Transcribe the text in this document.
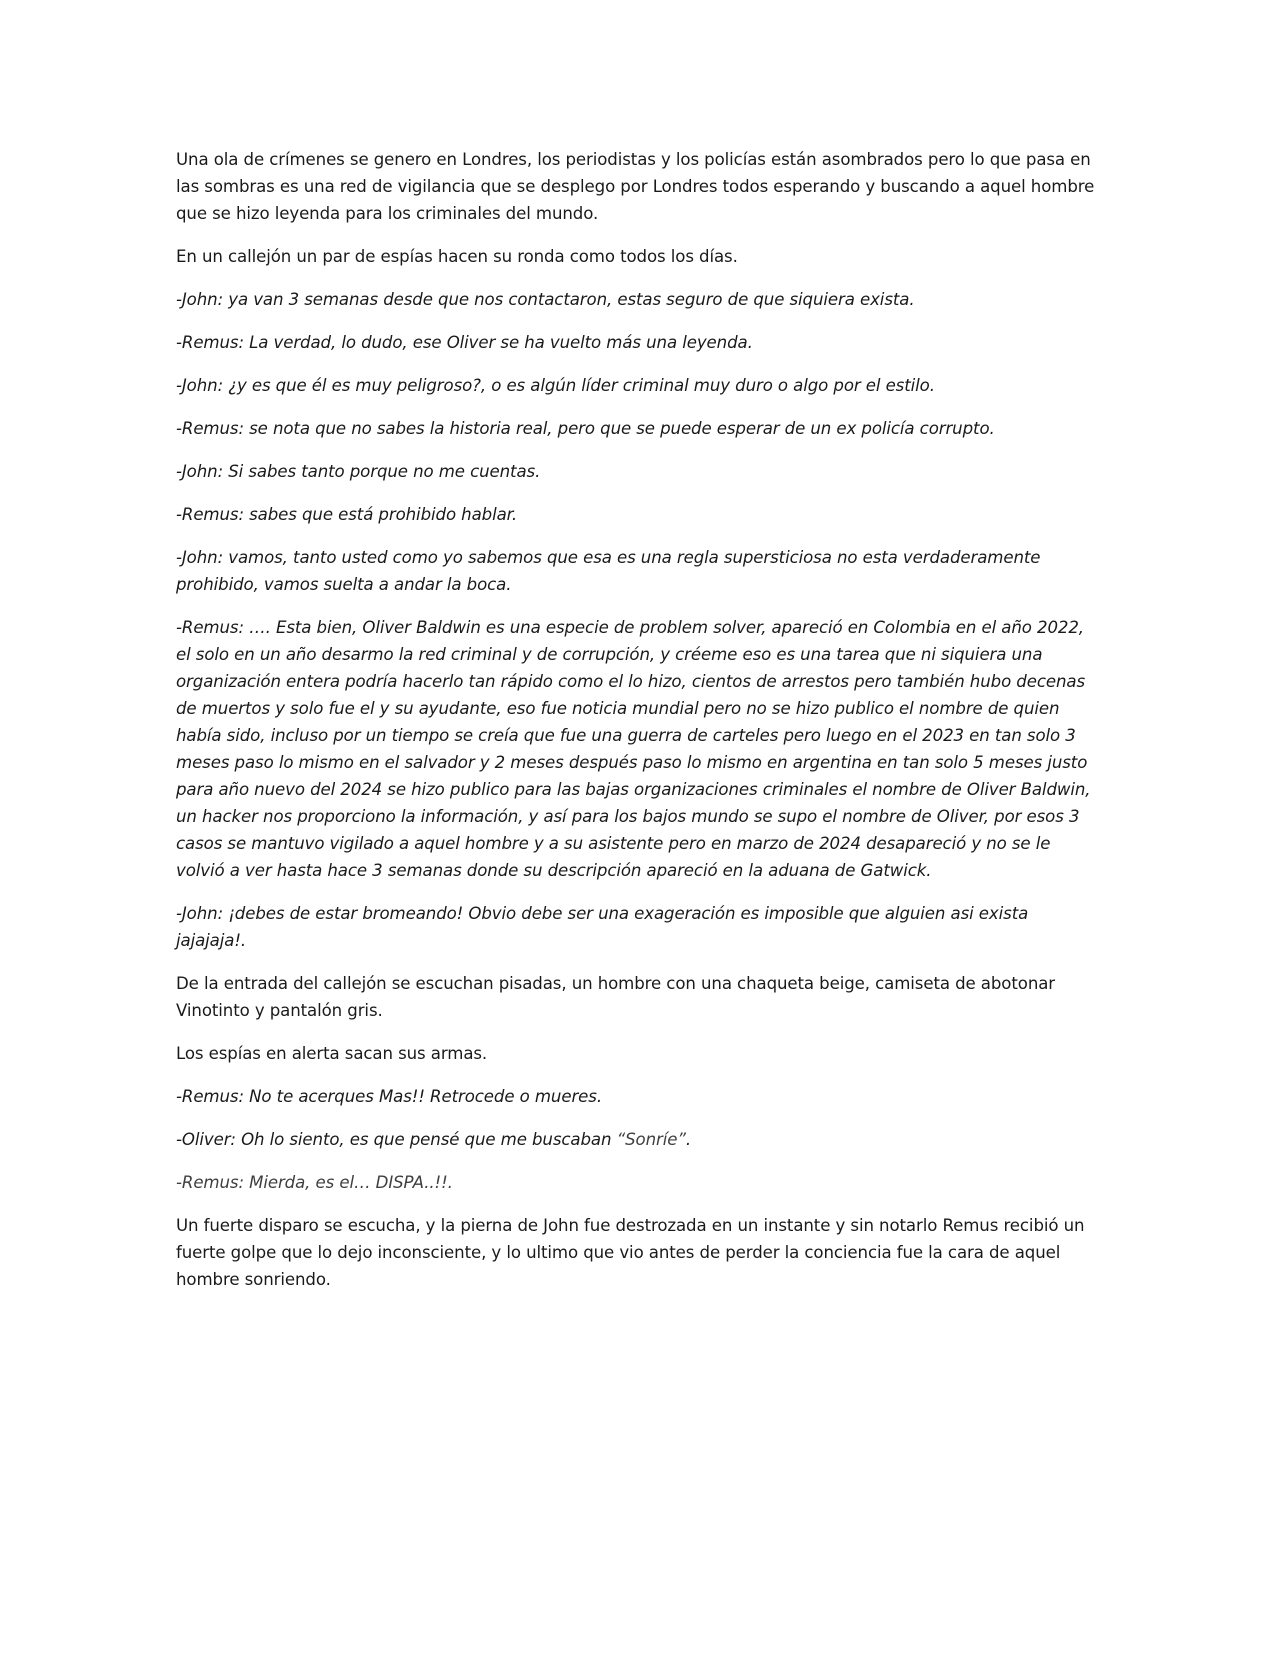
Una ola de crímenes se genero en Londres, los periodistas y los policías están asombrados pero lo que pasa en las sombras es una red de vigilancia que se desplego por Londres todos esperando y buscando a aquel hombre que se hizo leyenda para los criminales del mundo.

En un callejón un par de espías hacen su ronda como todos los días.

-John: ya van 3 semanas desde que nos contactaron, estas seguro de que siquiera exista.

-Remus: La verdad, lo dudo, ese Oliver se ha vuelto más una leyenda.

-John: ¿y es que él es muy peligroso?, o es algún líder criminal muy duro o algo por el estilo.

-Remus: se nota que no sabes la historia real, pero que se puede esperar de un ex policía corrupto.

-John: Si sabes tanto porque no me cuentas.

-Remus: sabes que está prohibido hablar.

-John: vamos, tanto usted como yo sabemos que esa es una regla supersticiosa no esta verdaderamente prohibido, vamos suelta a andar la boca.

-Remus: …. Esta bien, Oliver Baldwin es una especie de problem solver, apareció en Colombia en el año 2022, el solo en un año desarmo la red criminal y de corrupción, y créeme eso es una tarea que ni siquiera una organización entera podría hacerlo tan rápido como el lo hizo, cientos de arrestos pero también hubo decenas de muertos y solo fue el y su ayudante, eso fue noticia mundial pero no se hizo publico el nombre de quien había sido, incluso por un tiempo se creía que fue una guerra de carteles pero luego en el 2023 en tan solo 3 meses paso lo mismo en el salvador y 2 meses después paso lo mismo en argentina en tan solo 5 meses justo para año nuevo del 2024 se hizo publico para las bajas organizaciones criminales el nombre de Oliver Baldwin, un hacker nos proporciono la información, y así para los bajos mundo se supo el nombre de Oliver, por esos 3 casos se mantuvo vigilado a aquel hombre y a su asistente pero en marzo de 2024 desapareció y no se le volvió a ver hasta hace 3 semanas donde su descripción apareció en la aduana de Gatwick.

-John: ¡debes de estar bromeando! Obvio debe ser una exageración es imposible que alguien asi exista jajajaja!.

De la entrada del callejón se escuchan pisadas, un hombre con una chaqueta beige, camiseta de abotonar Vinotinto y pantalón gris.

Los espías en alerta sacan sus armas.

-Remus: No te acerques Mas!! Retrocede o mueres.

-Oliver: Oh lo siento, es que pensé que me buscaban “Sonríe”.

-Remus: Mierda, es el… DISPA..!!.

Un fuerte disparo se escucha, y la pierna de John fue destrozada en un instante y sin notarlo Remus recibió un fuerte golpe que lo dejo inconsciente, y lo ultimo que vio antes de perder la conciencia fue la cara de aquel hombre sonriendo.
